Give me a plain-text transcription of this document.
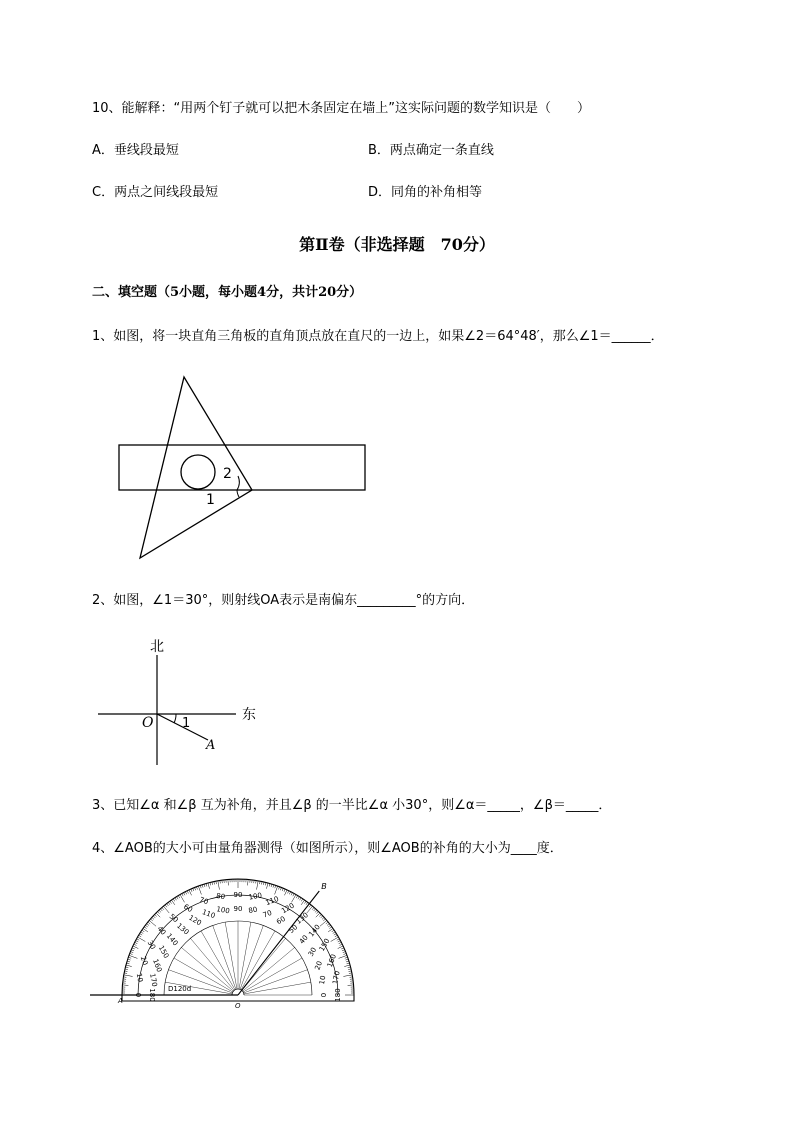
10、能解释：“用两个钉子就可以把木条固定在墙上”这实际问题的数学知识是（　　）
A．垂线段最短	B．两点确定一条直线
C．两点之间线段最短	D．同角的补角相等
第Ⅱ卷（非选择题　70分）
二、填空题（5小题，每小题4分，共计20分）
1、如图，将一块直角三角板的直角顶点放在直尺的一边上，如果∠2＝64°48′，那么∠1＝______．
2
1
2、如图，∠1＝30°，则射线OA表示是南偏东_________°的方向．
北
东
O
A
1
3、已知∠α 和∠β 互为补角，并且∠β 的一半比∠α 小30°，则∠α＝_____，∠β＝_____．
4、∠AOB的大小可由量角器测得（如图所示），则∠AOB的补角的大小为____度．
0
10
20
30
40
50
60
70 80 90 100 110
120
130
140
150
160
170
180
180
170
160
150
140
130
120
110 100 90 80 70
60
50
40
30
20
10
0
D120d
A
B
O
